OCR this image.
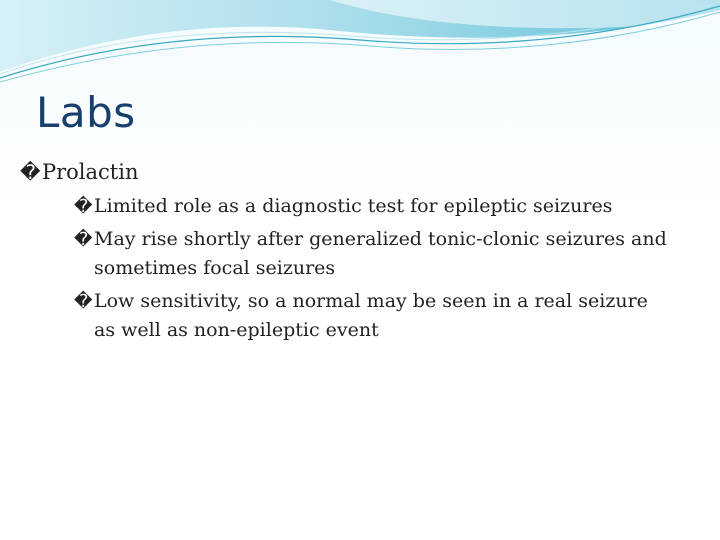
Labs
� Prolactin
� Limited role as a diagnostic test for epileptic seizures
� May rise shortly after generalized tonic-clonic seizures and sometimes focal seizures
� Low sensitivity, so a normal may be seen in a real seizure as well as non-epileptic event
